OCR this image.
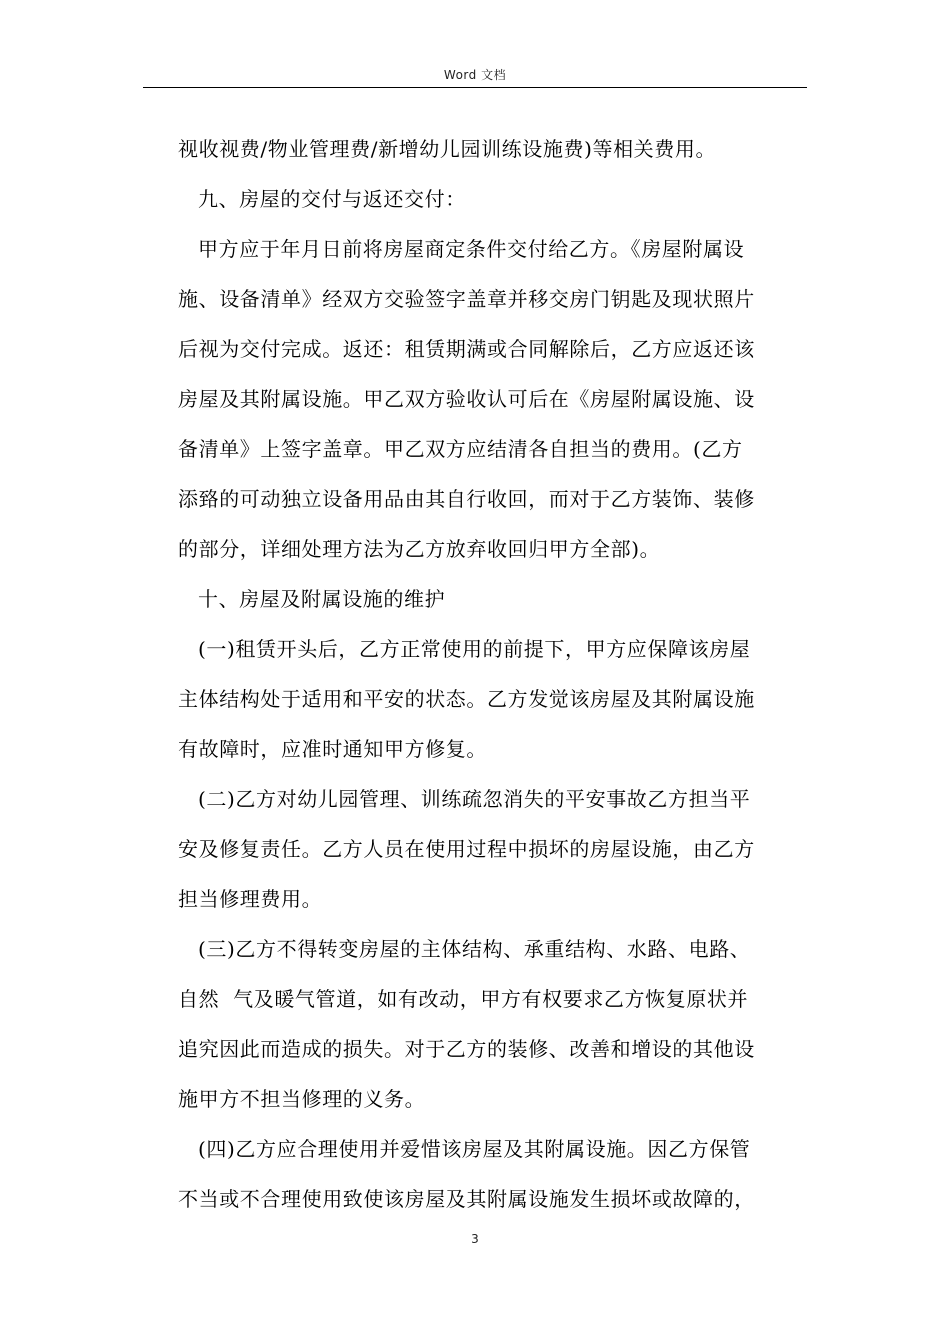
Word 文档
视收视费/物业管理费/新增幼儿园训练设施费)等相关费用。
九、房屋的交付与返还交付：
甲方应于年月日前将房屋商定条件交付给乙方。《房屋附属设
施、设备清单》经双方交验签字盖章并移交房门钥匙及现状照片
后视为交付完成。返还：租赁期满或合同解除后，乙方应返还该
房屋及其附属设施。甲乙双方验收认可后在《房屋附属设施、设
备清单》上签字盖章。甲乙双方应结清各自担当的费用。(乙方
添臵的可动独立设备用品由其自行收回，而对于乙方装饰、装修
的部分，详细处理方法为乙方放弃收回归甲方全部)。
十、房屋及附属设施的维护
(一)租赁开头后，乙方正常使用的前提下，甲方应保障该房屋
主体结构处于适用和平安的状态。乙方发觉该房屋及其附属设施
有故障时，应准时通知甲方修复。
(二)乙方对幼儿园管理、训练疏忽消失的平安事故乙方担当平
安及修复责任。乙方人员在使用过程中损坏的房屋设施，由乙方
担当修理费用。
(三)乙方不得转变房屋的主体结构、承重结构、水路、电路、
自然  气及暖气管道，如有改动，甲方有权要求乙方恢复原状并
追究因此而造成的损失。对于乙方的装修、改善和增设的其他设
施甲方不担当修理的义务。
(四)乙方应合理使用并爱惜该房屋及其附属设施。因乙方保管
不当或不合理使用致使该房屋及其附属设施发生损坏或故障的，
3
